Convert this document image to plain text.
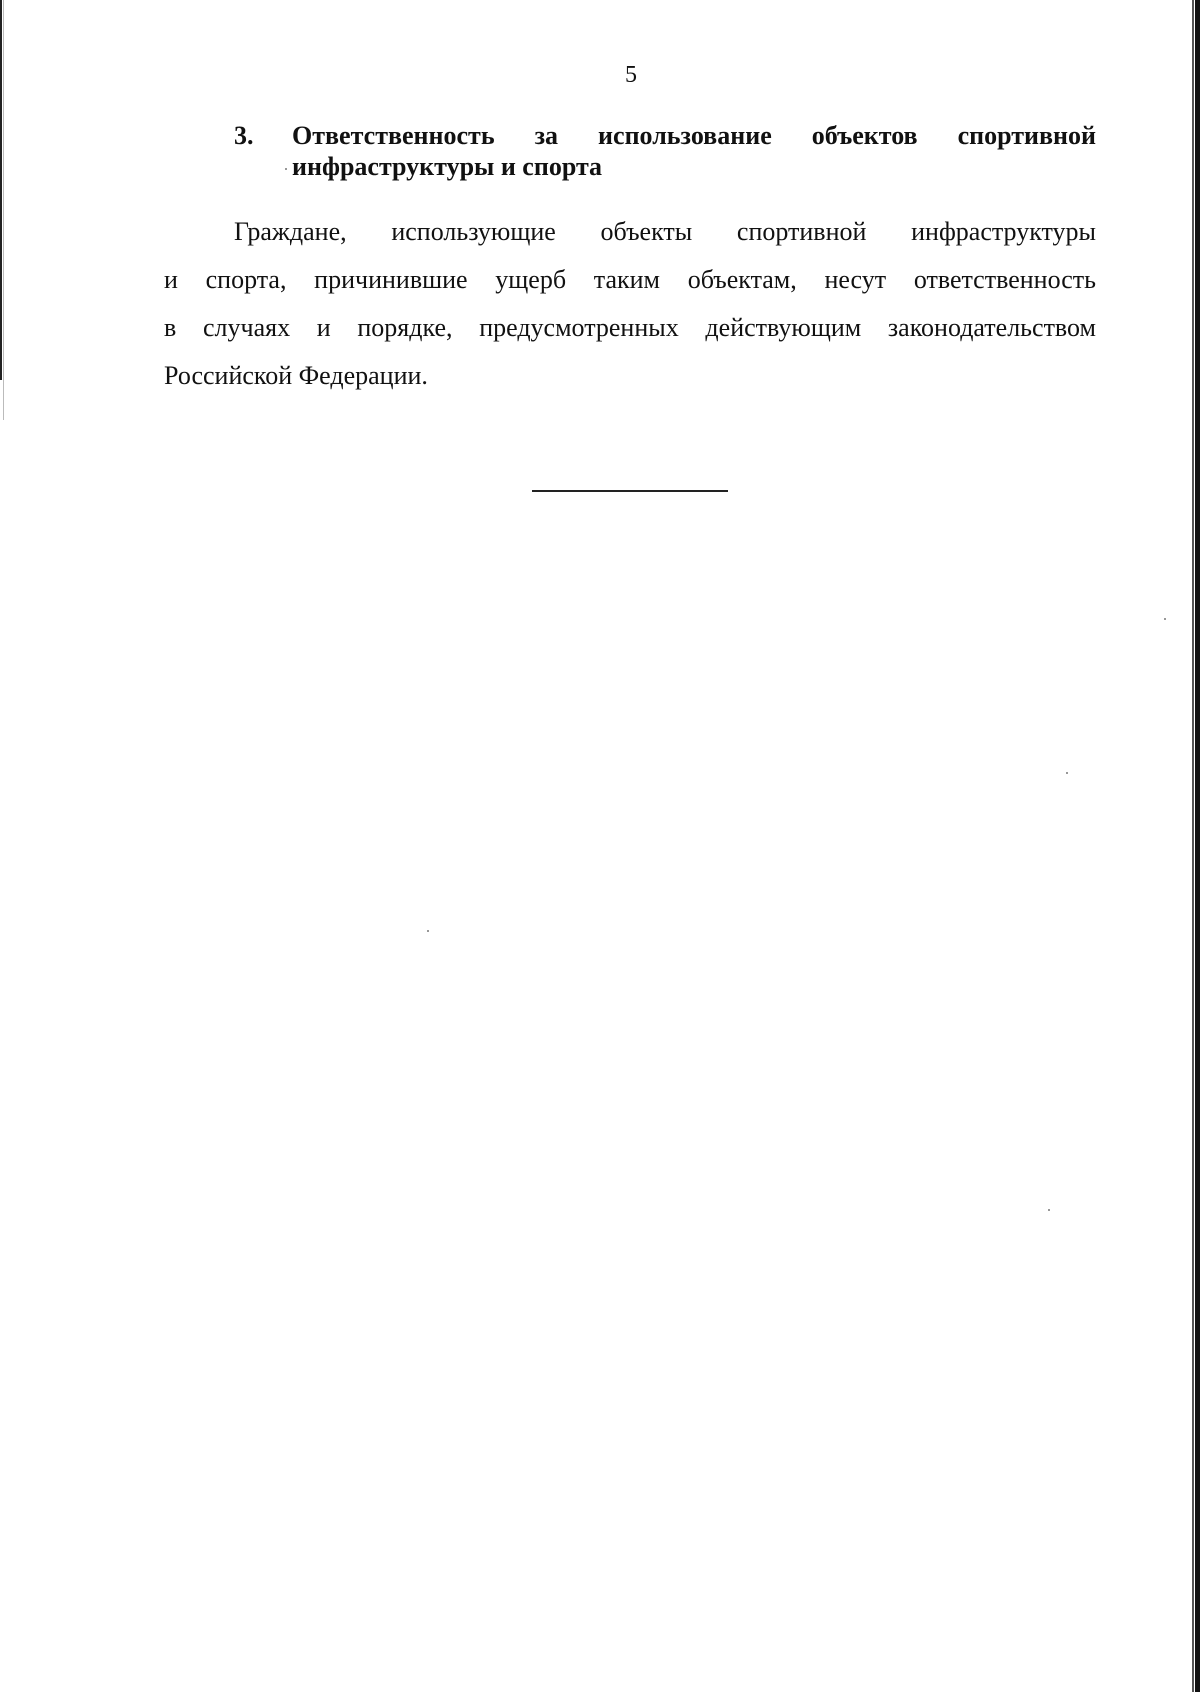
5
3. Ответственность за использование объектов спортивной
инфраструктуры и спорта

Граждане, использующие объекты спортивной инфраструктуры
и спорта, причинившие ущерб таким объектам, несут ответственность
в случаях и порядке, предусмотренных действующим законодательством
Российской Федерации.
